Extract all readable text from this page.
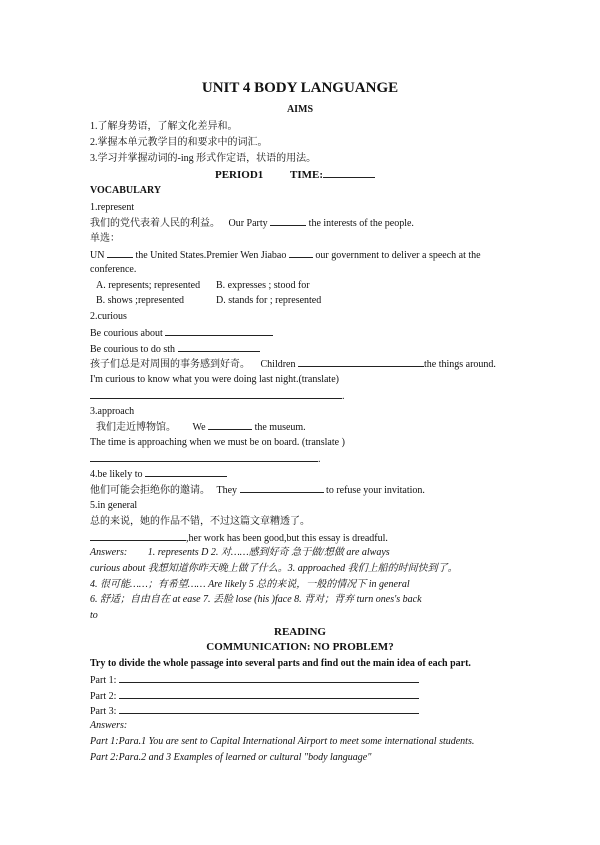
UNIT 4 BODY LANGUANGE
AIMS
1.了解身势语，了解文化差异和。
2.掌握本单元教学目的和要求中的词汇。
3.学习并掌握动词的-ing 形式作定语，状语的用法。
PERIOD1 TIME:
VOCABULARY
1.represent
我们的党代表着人民的利益。 Our Party	the interests of the people.
单选：
UN	the United States.Premier Wen Jiabao	our government to deliver a speech at the
conference.
A. represents; represented B. expresses ; stood for
B. shows ;represented	D. stands for ; represented
2.curious
Be courious about
Be courious to do sth
孩子们总是对周围的事务感到好奇。 Children	the things around.
I'm curious to know what you were doing last night.(translate)
.
3.approach
我们走近博物馆。 We	the museum.
The time is approaching when we must be on board. (translate )
.
4.be likely to
他们可能会拒绝你的邀请。 They	to refuse your invitation.
5.in general
总的来说，她的作品不错，不过这篇文章糟透了。
,her work has been good,but this essay is dreadful.
Answers: 1. represents D 2. 对……感到好奇 急于做/想做 are always
curious about 我想知道你昨天晚上做了什么。3. approached 我们上船的时间快到了。
4. 很可能……；有希望…… Are likely 5 总的来说，一般的情况下 in general
6. 舒适；自由自在 at ease 7. 丢脸 lose (his )face 8. 背对；背弃 turn ones's back
to
READING
COMMUNICATION: NO PROBLEM?
Try to divide the whole passage into several parts and find out the main idea of each part.
Part 1:
Part 2:
Part 3:
Answers:
Part 1:Para.1 You are sent to Capital International Airport to meet some international students.
Part 2:Para.2 and 3 Examples of learned or cultural "body language"
